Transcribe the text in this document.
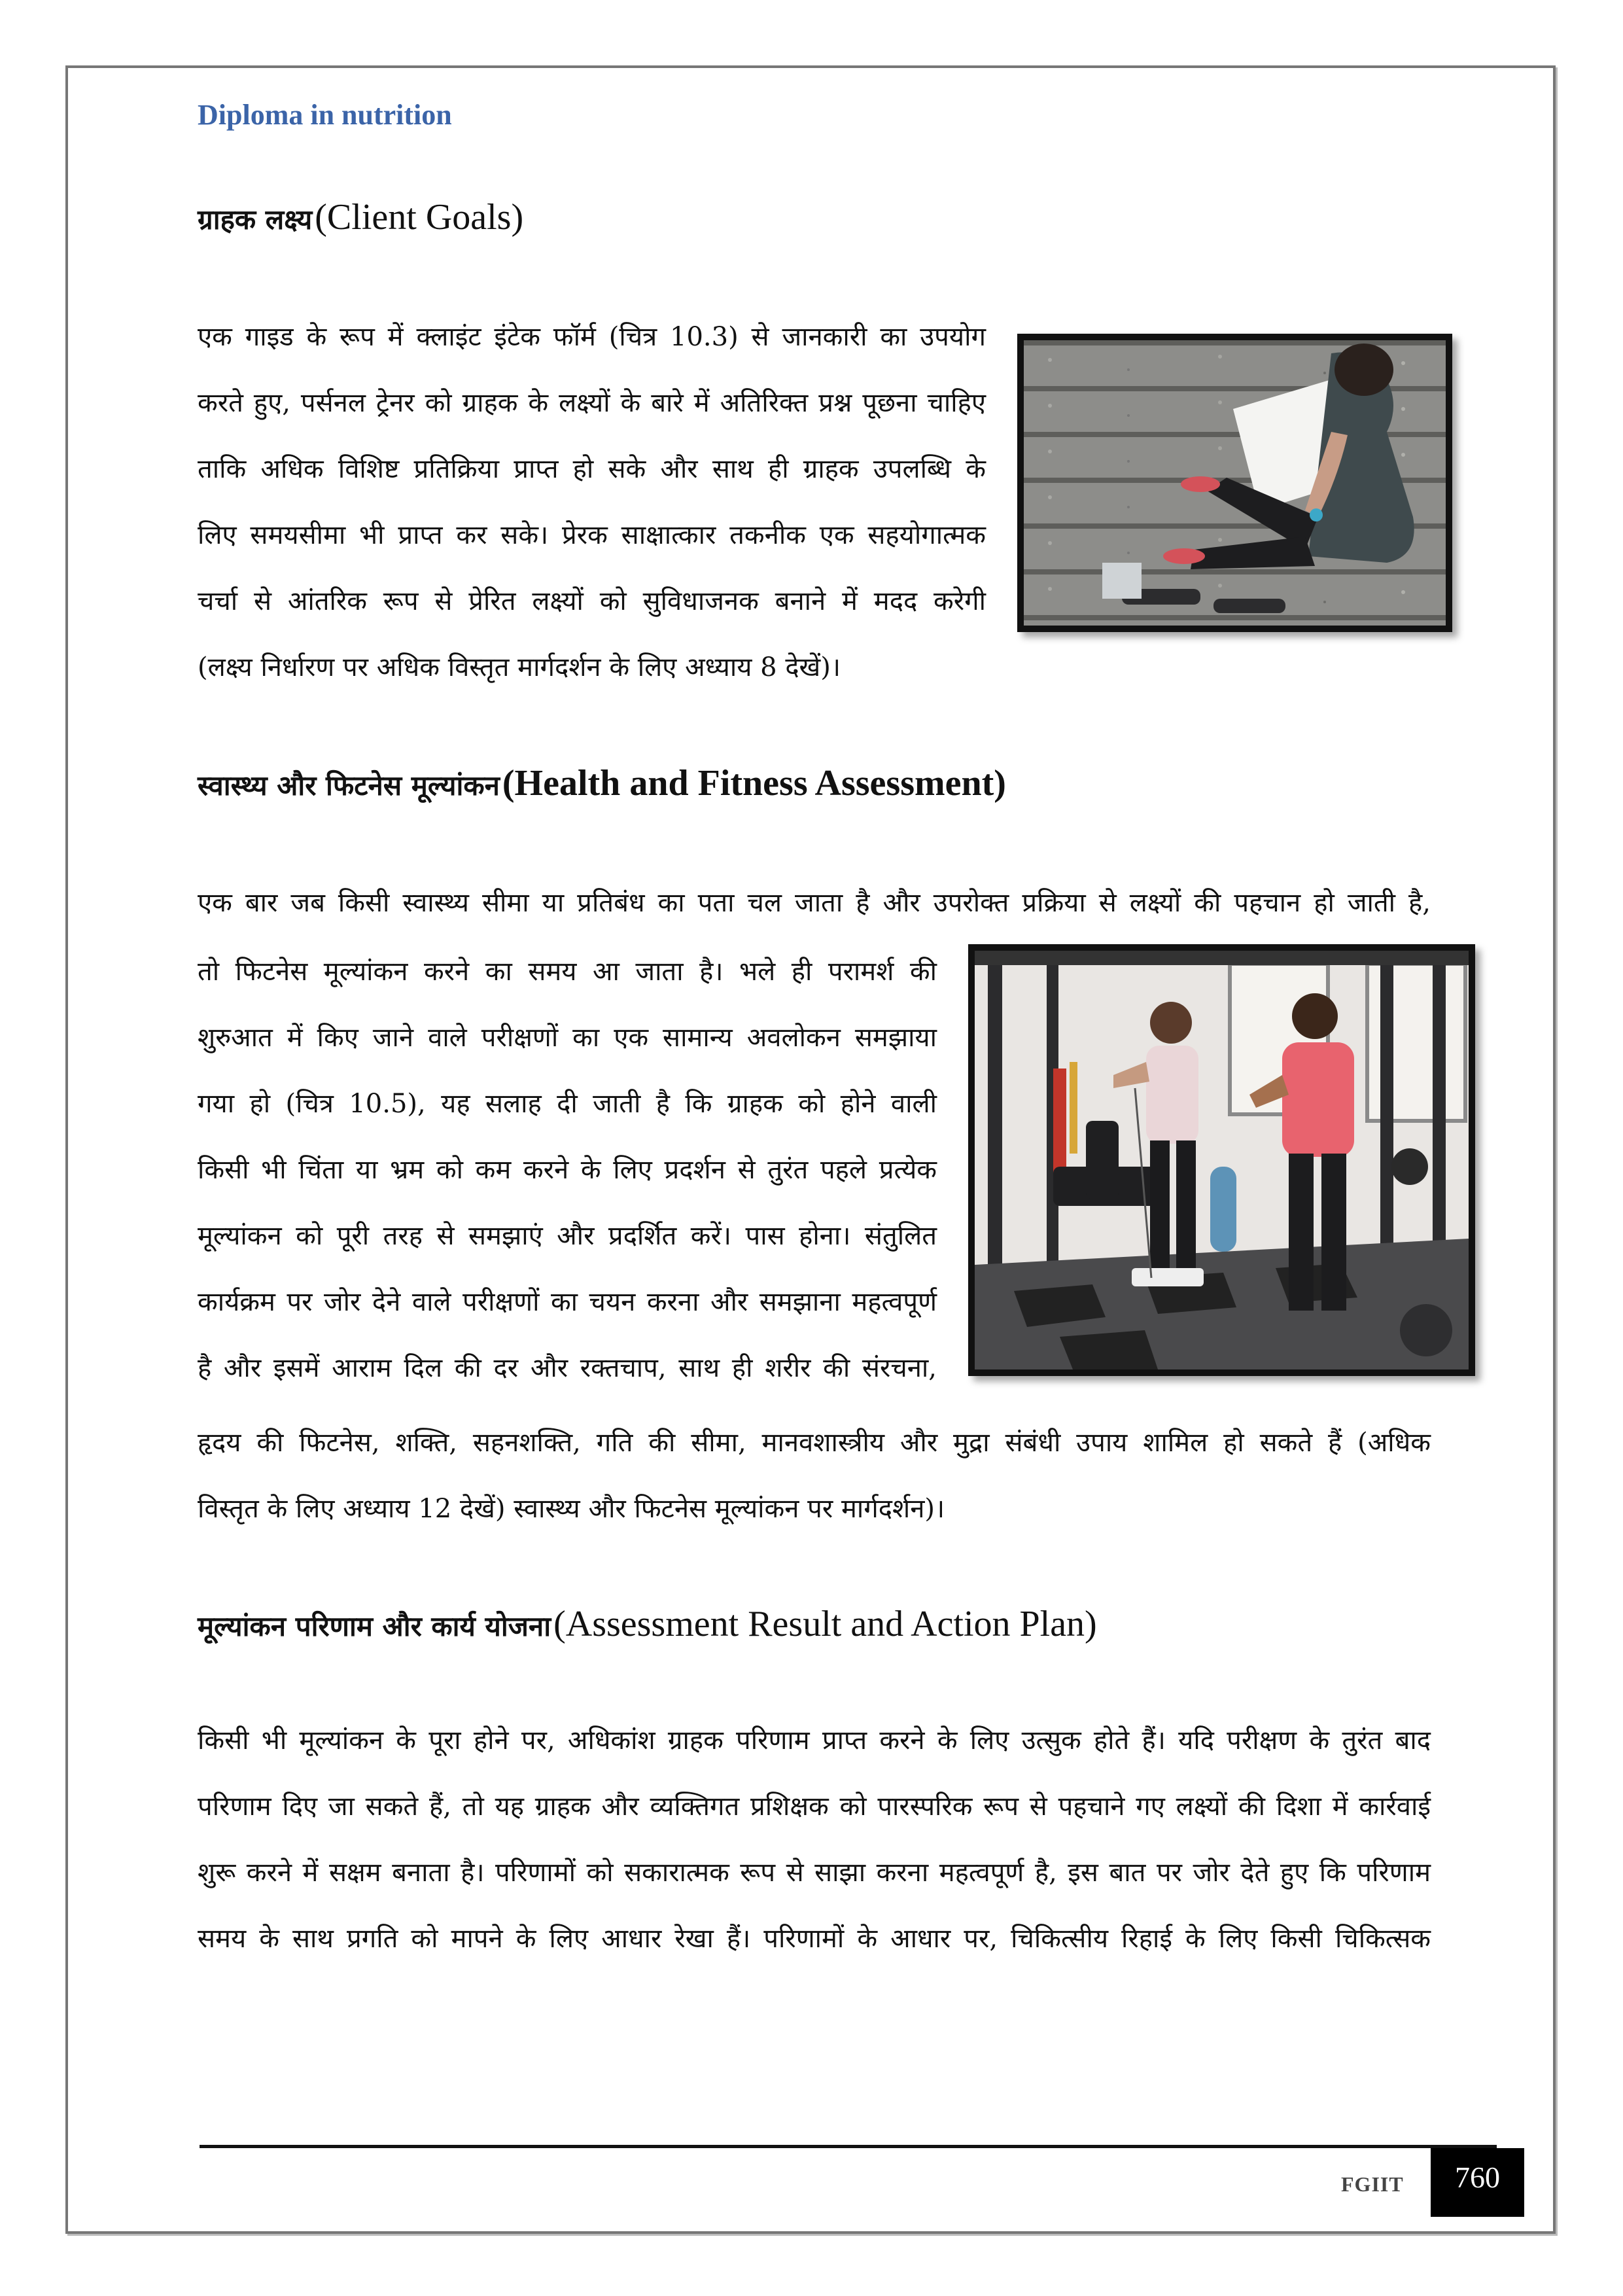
Diploma in nutrition
ग्राहक लक्ष्य (Client Goals)
एक गाइड के रूप में क्लाइंट इंटेक फॉर्म (चित्र 10.3) से जानकारी का उपयोग
करते हुए, पर्सनल ट्रेनर को ग्राहक के लक्ष्यों के बारे में अतिरिक्त प्रश्न पूछना चाहिए
ताकि अधिक विशिष्ट प्रतिक्रिया प्राप्त हो सके और साथ ही ग्राहक उपलब्धि के
लिए समयसीमा भी प्राप्त कर सके। प्रेरक साक्षात्कार तकनीक एक सहयोगात्मक
चर्चा से आंतरिक रूप से प्रेरित लक्ष्यों को सुविधाजनक बनाने में मदद करेगी
(लक्ष्य निर्धारण पर अधिक विस्तृत मार्गदर्शन के लिए अध्याय 8 देखें)।
स्वास्थ्य और फिटनेस मूल्यांकन (Health and Fitness Assessment)
एक बार जब किसी स्वास्थ्य सीमा या प्रतिबंध का पता चल जाता है और उपरोक्त प्रक्रिया से लक्ष्यों की पहचान हो जाती है,
तो फिटनेस मूल्यांकन करने का समय आ जाता है। भले ही परामर्श की
शुरुआत में किए जाने वाले परीक्षणों का एक सामान्य अवलोकन समझाया
गया हो (चित्र 10.5), यह सलाह दी जाती है कि ग्राहक को होने वाली
किसी भी चिंता या भ्रम को कम करने के लिए प्रदर्शन से तुरंत पहले प्रत्येक
मूल्यांकन को पूरी तरह से समझाएं और प्रदर्शित करें। पास होना। संतुलित
कार्यक्रम पर जोर देने वाले परीक्षणों का चयन करना और समझाना महत्वपूर्ण
है और इसमें आराम दिल की दर और रक्तचाप, साथ ही शरीर की संरचना,
हृदय की फिटनेस, शक्ति, सहनशक्ति, गति की सीमा, मानवशास्त्रीय और मुद्रा संबंधी उपाय शामिल हो सकते हैं (अधिक
विस्तृत के लिए अध्याय 12 देखें) स्वास्थ्य और फिटनेस मूल्यांकन पर मार्गदर्शन)।
मूल्यांकन परिणाम और कार्य योजना (Assessment Result and Action Plan)
किसी भी मूल्यांकन के पूरा होने पर, अधिकांश ग्राहक परिणाम प्राप्त करने के लिए उत्सुक होते हैं। यदि परीक्षण के तुरंत बाद
परिणाम दिए जा सकते हैं, तो यह ग्राहक और व्यक्तिगत प्रशिक्षक को पारस्परिक रूप से पहचाने गए लक्ष्यों की दिशा में कार्रवाई
शुरू करने में सक्षम बनाता है। परिणामों को सकारात्मक रूप से साझा करना महत्वपूर्ण है, इस बात पर जोर देते हुए कि परिणाम
समय के साथ प्रगति को मापने के लिए आधार रेखा हैं। परिणामों के आधार पर, चिकित्सीय रिहाई के लिए किसी चिकित्सक
FGIIT	760
